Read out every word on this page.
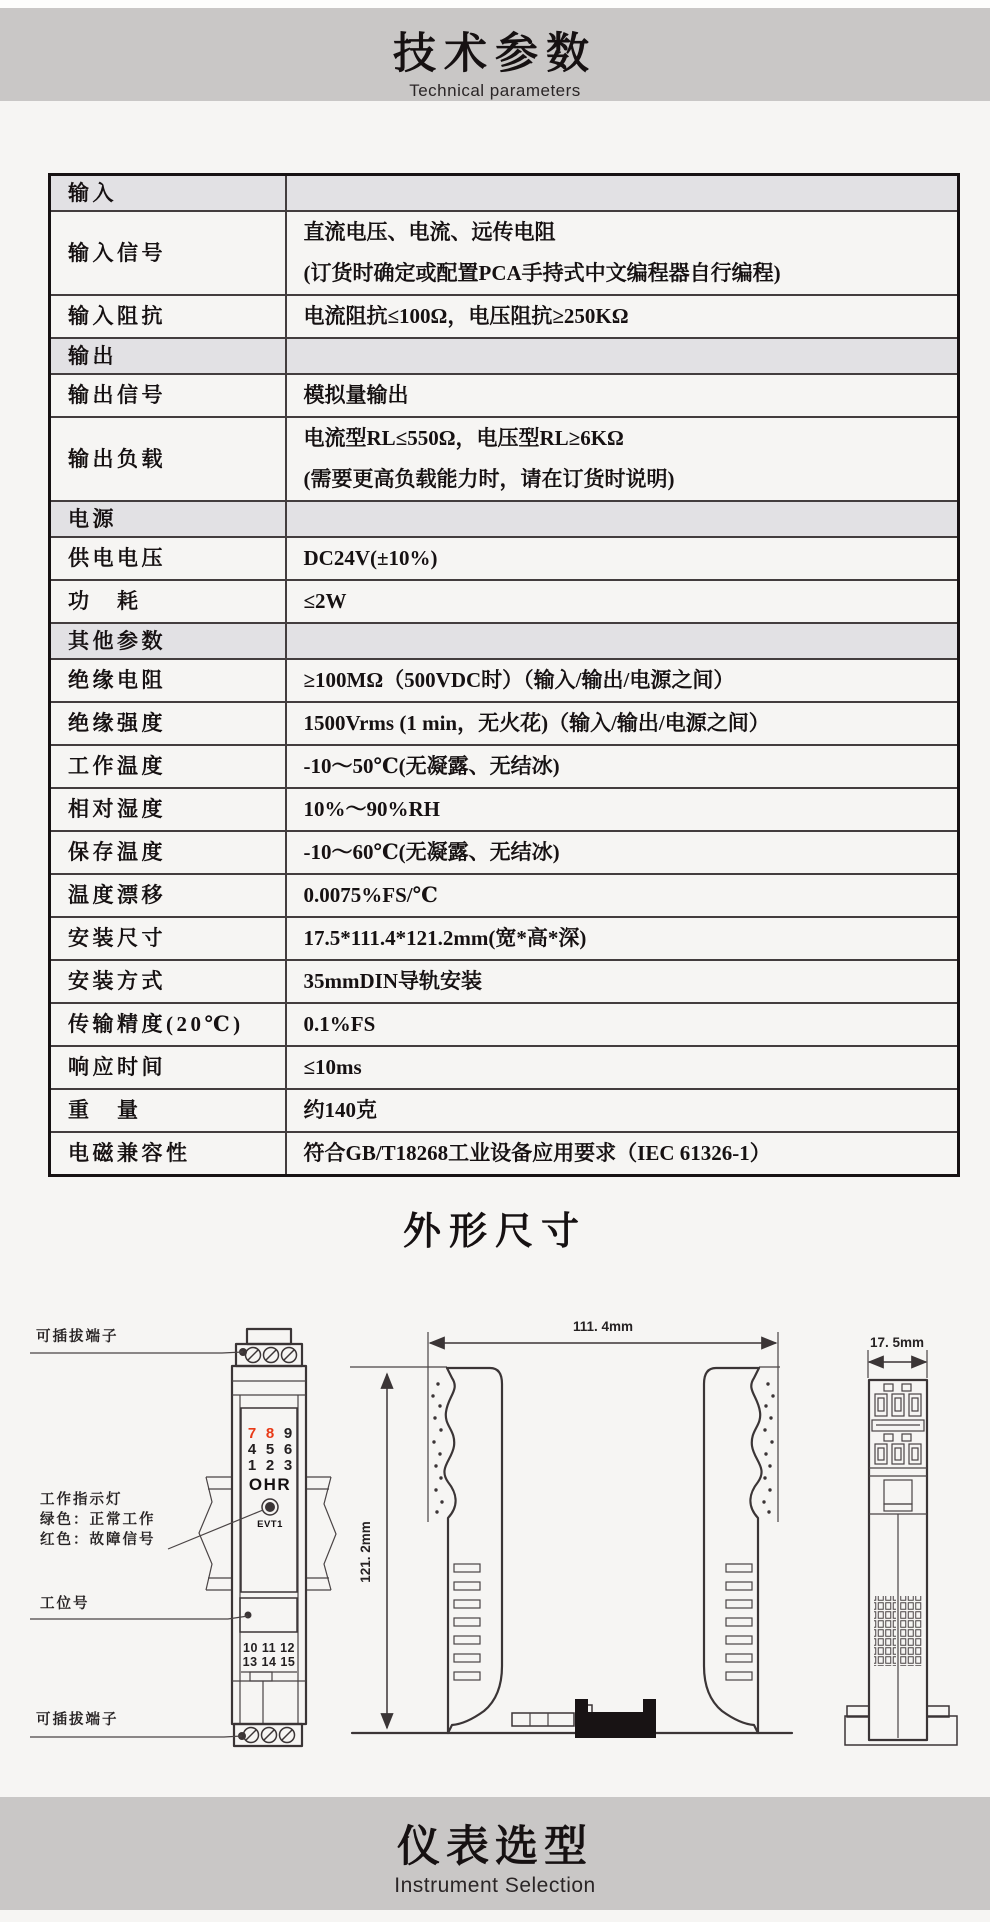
技术参数
Technical parameters
输入	
输入信号	直流电压、电流、远传电阻
(订货时确定或配置PCA手持式中文编程器自行编程)

输入阻抗	电流阻抗≤100Ω，电压阻抗≥250KΩ

输出	
输出信号	模拟量输出

输出负载	电流型RL≤550Ω，电压型RL≥6KΩ
(需要更高负载能力时，请在订货时说明)

电源	
供电电压	DC24V(±10%)

功　耗	≤2W

其他参数	
绝缘电阻	≥100MΩ（500VDC时）（输入/输出/电源之间）

绝缘强度	1500Vrms (1 min，无火花)（输入/输出/电源之间）

工作温度	-10～50℃(无凝露、无结冰)

相对湿度	10%～90%RH

保存温度	-10～60℃(无凝露、无结冰)

温度漂移	0.0075%FS/℃

安装尺寸	17.5*111.4*121.2mm(宽*高*深)

安装方式	35mmDIN导轨安装

传输精度(20℃)	0.1%FS

响应时间	≤10ms

重　量	约140克

电磁兼容性	符合GB/T18268工业设备应用要求（IEC 61326-1）
外形尺寸
7 8 9
4 5 6
1 2 3
OHR
EVT1
10 11 12
13 14 15
可插拔端子
工作指示灯
绿色：正常工作
红色：故障信号
工位号
可插拔端子
111. 4mm
121. 2mm
17. 5mm
仪表选型
Instrument Selection
